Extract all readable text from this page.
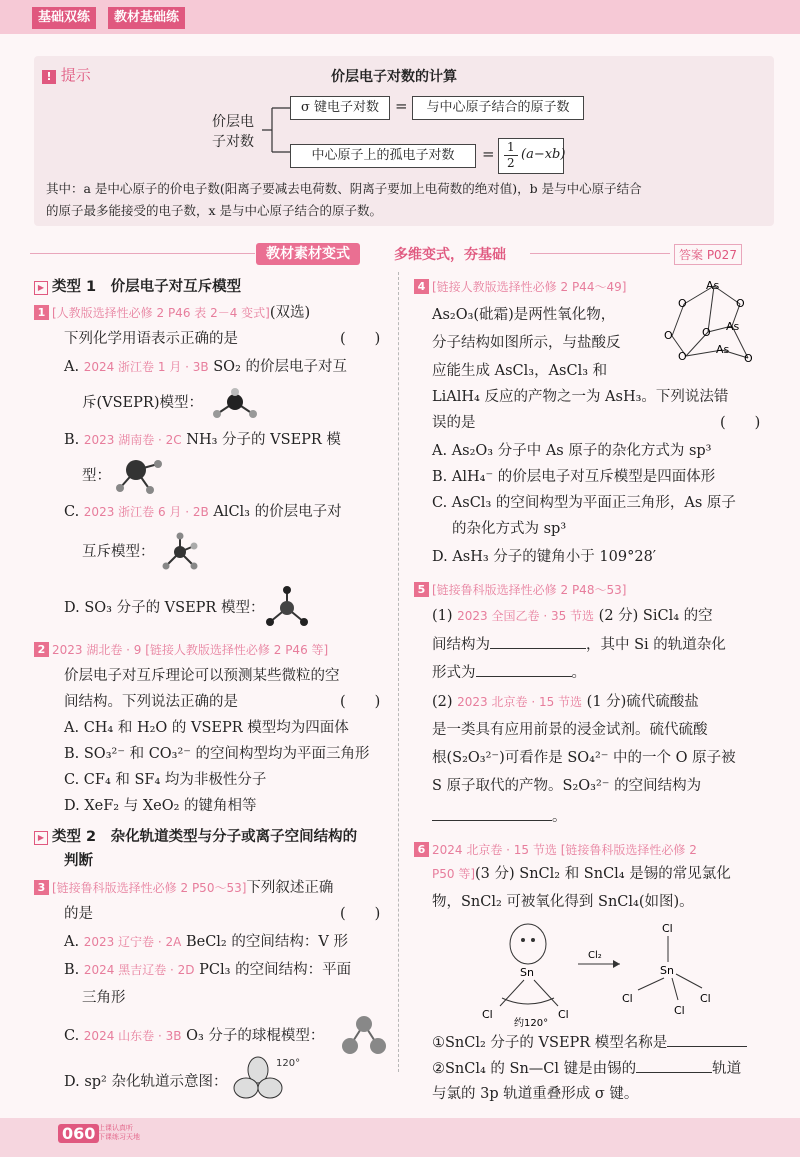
基础双练	教材基础练
! 提示	价层电子对数的计算
价层电
子对数
σ 键电子对数	=	与中心原子结合的原子数
中心原子上的孤电子对数	= 1
2
(a−xb)
其中：a 是中心原子的价电子数(阳离子要减去电荷数、阴离子要加上电荷数的绝对值)，b 是与中心原子结合
的原子最多能接受的电子数，x 是与中心原子结合的原子数。
教材素材变式	多维变式，夯基础	答案 P027
▶ 类型 1　价层电子对互斥模型
1 [人教版选择性必修 2 P46 表 2－4 变式](双选)
下列化学用语表示正确的是	(　　)
A. 2024 浙江卷 1 月 · 3B SO₂ 的价层电子对互
斥(VSEPR)模型：
B. 2023 湖南卷 · 2C NH₃ 分子的 VSEPR 模
型：
C. 2023 浙江卷 6 月 · 2B AlCl₃ 的价层电子对
互斥模型：
D. SO₃ 分子的 VSEPR 模型：
2 2023 湖北卷 · 9 [链接人教版选择性必修 2 P46 等]
价层电子对互斥理论可以预测某些微粒的空
间结构。下列说法正确的是	(　　)
A. CH₄ 和 H₂O 的 VSEPR 模型均为四面体
B. SO₃²⁻ 和 CO₃²⁻ 的空间构型均为平面三角形
C. CF₄ 和 SF₄ 均为非极性分子
D. XeF₂ 与 XeO₂ 的键角相等
▶ 类型 2　杂化轨道类型与分子或离子空间结构的
判断
3 [链接鲁科版选择性必修 2 P50～53]下列叙述正确
的是	(　　)
A. 2023 辽宁卷 · 2A BeCl₂ 的空间结构：V 形
B. 2024 黑吉辽卷 · 2D PCl₃ 的空间结构：平面
三角形
C. 2024 山东卷 · 3B O₃ 分子的球棍模型：
D. sp² 杂化轨道示意图：
120°
4 [链接人教版选择性必修 2 P44～49]
As₂O₃(砒霜)是两性氧化物，
分子结构如图所示，与盐酸反
应能生成 AsCl₃，AsCl₃ 和
LiAlH₄ 反应的产物之一为 AsH₃。下列说法错
误的是	(　　)
As
O	O
O	O As
O
As
O
A. As₂O₃ 分子中 As 原子的杂化方式为 sp³
B. AlH₄⁻ 的价层电子对互斥模型是四面体形
C. AsCl₃ 的空间构型为平面正三角形，As 原子
的杂化方式为 sp³
D. AsH₃ 分子的键角小于 109°28′
5 [链接鲁科版选择性必修 2 P48～53]
(1) 2023 全国乙卷 · 35 节选 (2 分) SiCl₄ 的空
间结构为	，其中 Si 的轨道杂化
形式为	。
(2) 2023 北京卷 · 15 节选 (1 分)硫代硫酸盐
是一类具有应用前景的浸金试剂。硫代硫酸
根(S₂O₃²⁻)可看作是 SO₄²⁻ 中的一个 O 原子被
S 原子取代的产物。S₂O₃²⁻ 的空间结构为
。
6 2024 北京卷 · 15 节选 [链接鲁科版选择性必修 2
P50 等](3 分) SnCl₂ 和 SnCl₄ 是锡的常见氯化
物，SnCl₂ 可被氧化得到 SnCl₄(如图)。
Sn
Cl	Cl
约120°
Cl₂
Cl
Sn
Cl
Cl
Cl
①SnCl₂ 分子的 VSEPR 模型名称是
②SnCl₄ 的 Sn—Cl 键是由锡的	轨道
与氯的 3p 轨道重叠形成 σ 键。
060 上课认真听
下课练习天地
